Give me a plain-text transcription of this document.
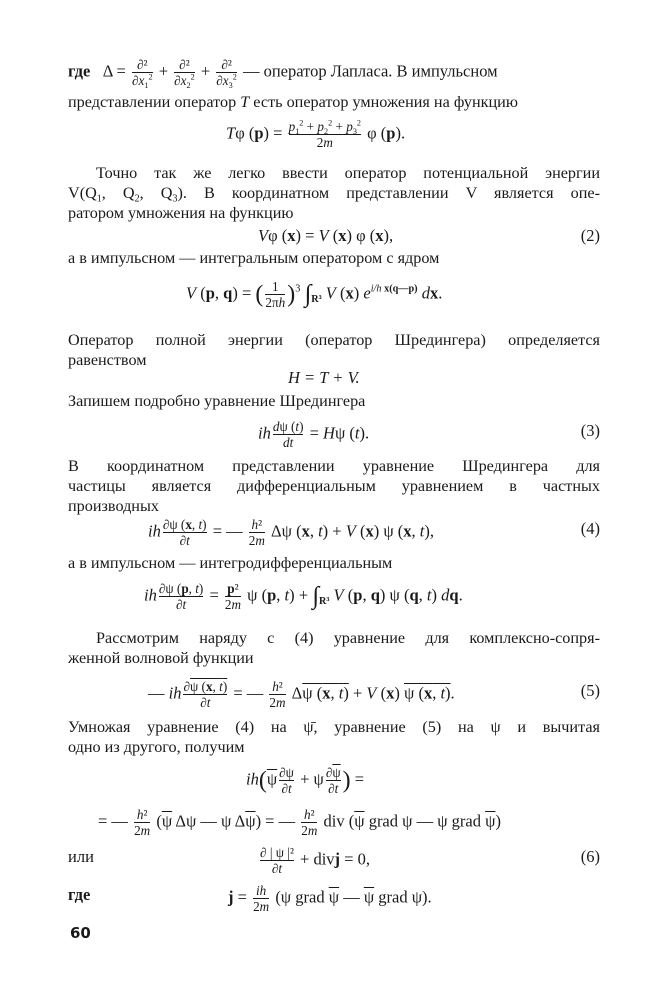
где   $\Delta = \frac{\text{∂²}}{\partial x_1^2} + \frac{\text{∂²}}{\partial x_2^2} + \frac{\text{∂²}}{\partial x_3^2}$ — оператор Лапласа. В импульсном
представлении оператор T есть оператор умножения на функцию
Tφ $(p) = \frac{p_1^2 + p_2^2 + p_3^2}{2m}$ φ (p).
Точно так же легко ввести оператор потенциальной энергии
$V(Q_1$, $Q_2$, $Q_3$). В координатном представлении V является опе-
ратором умножения на функцию
Vφ (x) = V (x) φ (x),	(2)
а в импульсном — интегральным оператором с ядром
V (p, q) = ( $\frac{1}{2\pi h} )^3$ $\int_{R^3}$ V (x) $e^{i/h x(q—p)}$ dx.
Оператор полной энергии (оператор Шредингера) определяется
равенством
H = T + V.
Запишем подробно уравнение Шредингера
ih $\frac{d\psi (t)}{dt} = H\psi$ (t).	(3)
В координатном представлении уравнение Шредингера для
частицы является дифференциальным уравнением в частных
производных
ih $\frac{\partial\psi (x, t)}{\partial t}$ = — $\frac{\text{h²}}{2m}$ Δψ (x, t) + V (x) ψ (x, t),	(4)
а в импульсном — интегродифференциальным
ih $\frac{\partial\psi (p, t)}{\partial t} = \frac{\text{p²}}{2m}$ ψ (p, $t) + \int_{R^3}$ V (p, q) ψ (q, t) dq.
Рассмотрим наряду с (4) уравнение для комплексно-сопря-
женной волновой функции
— ih $\frac{\partial\psi (x, t)}{\partial t}$ = — $\frac{\text{h²}}{2m}$ Δψ (x, t) + V (x) ψ (x, t).	(5)
Умножая уравнение (4) на ψ̄, уравнение (5) на ψ и вычитая
одно из другого, получим
$ih(\overline{\psi} \frac{\partial\psi}{\partial t} + \psi \frac{\partial\overline{\psi}}{\partial t}$ ) =
= — $\frac{\text{h²}}{2m} (\overline{\psi}$ Δψ — ψ $\Delta\overline{\psi}$) = — $\frac{\text{h²}}{2m}$ div ($\overline{\psi}$ grad ψ — ψ grad $\overline{\psi}$)
или	$\frac{\text{∂ | ψ |²}}{\partial t}$ + divj = 0,	(6)
где	$j = \frac{ih}{2m} (\psi$ grad $\overline{\psi}$ — $\overline{\psi}$ grad ψ).
60
